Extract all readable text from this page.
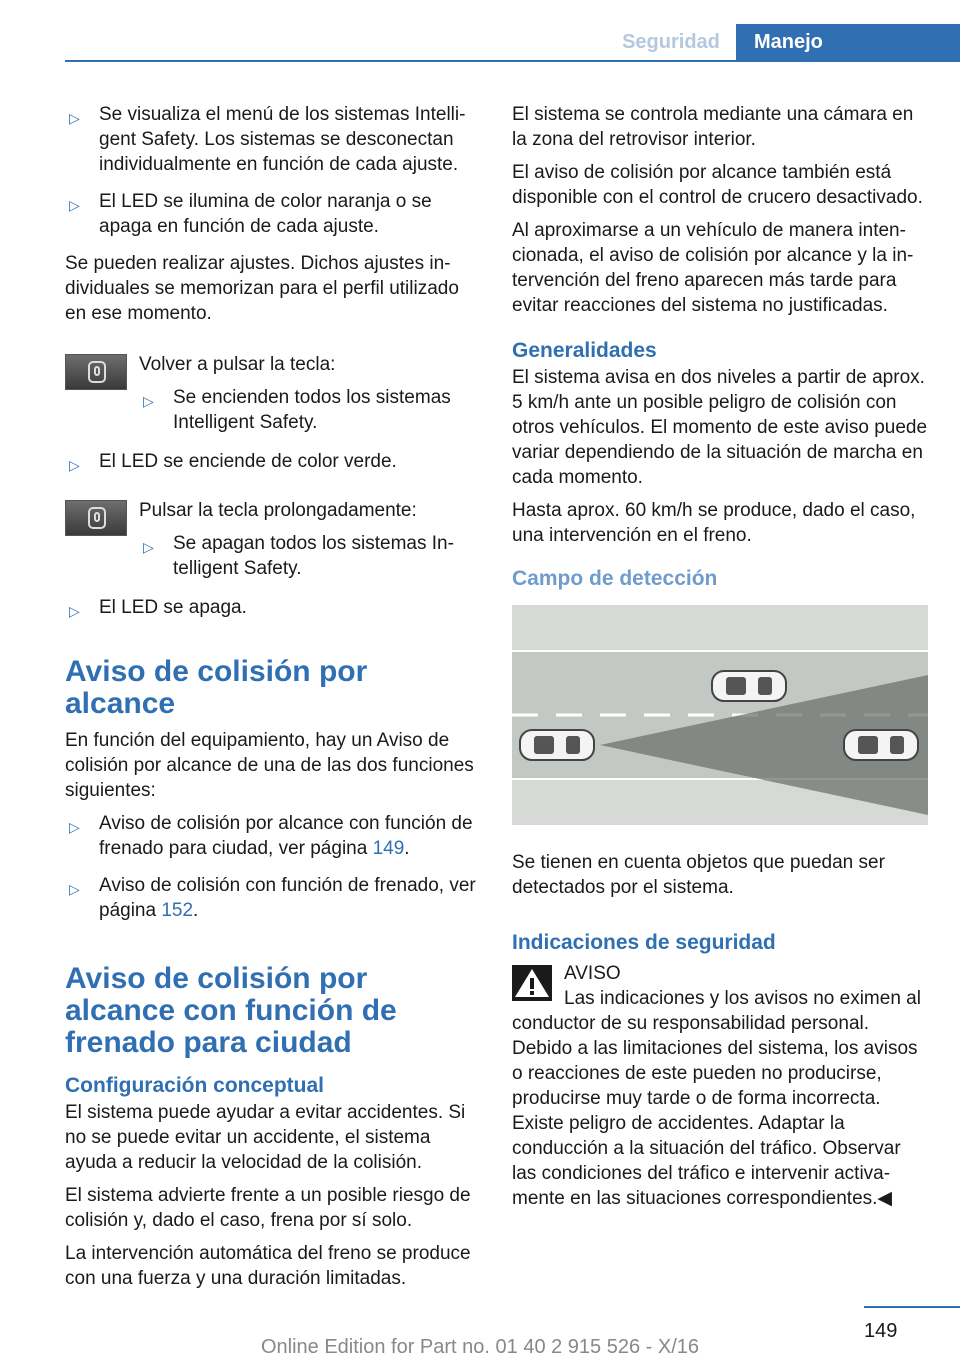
Seguridad	Manejo
▷ Se visualiza el menú de los sistemas Intelligent Safety. Los sistemas se desconectan individualmente en función de cada ajuste.
▷ El LED se ilumina de color naranja o se apaga en función de cada ajuste.

Se pueden realizar ajustes. Dichos ajustes individuales se memorizan para el perfil utilizado en ese momento.

Volver a pulsar la tecla:
▷ Se encienden todos los sistemas Intelligent Safety.
▷ El LED se enciende de color verde.
Pulsar la tecla prolongadamente:
▷ Se apagan todos los sistemas Intelligent Safety.
▷ El LED se apaga.
Aviso de colisión por alcance

En función del equipamiento, hay un Aviso de colisión por alcance de una de las dos funciones siguientes:

▷ Aviso de colisión por alcance con función de frenado para ciudad, ver página 149.
▷ Aviso de colisión con función de frenado, ver página 152.
Aviso de colisión por alcance con función de frenado para ciudad
Configuración conceptual

El sistema puede ayudar a evitar accidentes. Si no se puede evitar un accidente, el sistema ayuda a reducir la velocidad de la colisión.

El sistema advierte frente a un posible riesgo de colisión y, dado el caso, frena por sí solo.

La intervención automática del freno se produce con una fuerza y una duración limitadas.

El sistema se controla mediante una cámara en la zona del retrovisor interior.

El aviso de colisión por alcance también está disponible con el control de crucero desactivado.

Al aproximarse a un vehículo de manera intencionada, el aviso de colisión por alcance y la intervención del freno aparecen más tarde para evitar reacciones del sistema no justificadas.

Generalidades

El sistema avisa en dos niveles a partir de aprox. 5 km/h ante un posible peligro de colisión con otros vehículos. El momento de este aviso puede variar dependiendo de la situación de marcha en cada momento.

Hasta aprox. 60 km/h se produce, dado el caso, una intervención en el freno.

Campo de detección

Se tienen en cuenta objetos que puedan ser detectados por el sistema.

Indicaciones de seguridad
AVISO

Las indicaciones y los avisos no eximen al conductor de su responsabilidad personal. Debido a las limitaciones del sistema, los avisos o reacciones de este pueden no producirse, producirse muy tarde o de forma incorrecta. Existe peligro de accidentes. Adaptar la conducción a la situación del tráfico. Observar las condiciones del tráfico e intervenir activamente en las situaciones correspondientes.◀

149
Online Edition for Part no. 01 40 2 915 526 - X/16
